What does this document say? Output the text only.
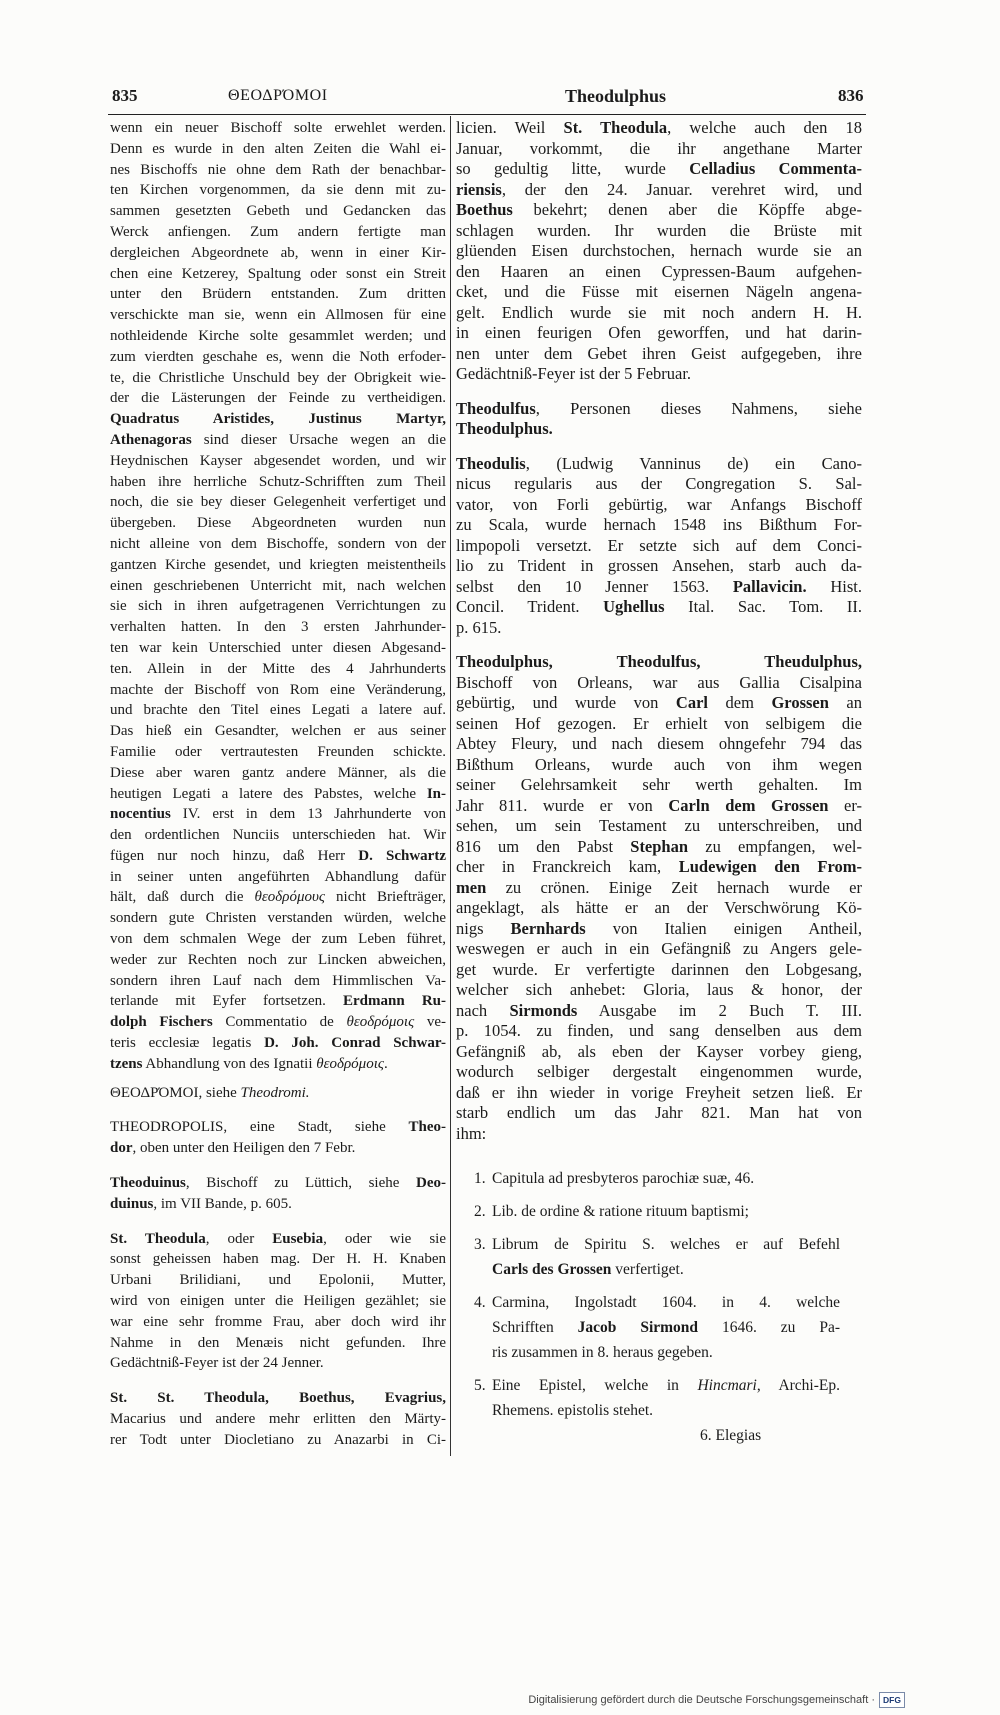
835	ΘΕΟΔΡΌΜΟΙ	Theodulphus	836
wenn ein neuer Bischoff solte erwehlet werden.
Denn es wurde in den alten Zeiten die Wahl ei-
nes Bischoffs nie ohne dem Rath der benachbar-
ten Kirchen vorgenommen, da sie denn mit zu-
sammen gesetzten Gebeth und Gedancken das
Werck anfiengen. Zum andern fertigte man
dergleichen Abgeordnete ab, wenn in einer Kir-
chen eine Ketzerey, Spaltung oder sonst ein Streit
unter den Brüdern entstanden. Zum dritten
verschickte man sie, wenn ein Allmosen für eine
nothleidende Kirche solte gesammlet werden; und
zum vierdten geschahe es, wenn die Noth erfoder-
te, die Christliche Unschuld bey der Obrigkeit wie-
der die Lästerungen der Feinde zu vertheidigen.
Quadratus Aristides, Justinus Martyr,
Athenagoras sind dieser Ursache wegen an die
Heydnischen Kayser abgesendet worden, und wir
haben ihre herrliche Schutz-Schrifften zum Theil
noch, die sie bey dieser Gelegenheit verfertiget und
übergeben. Diese Abgeordneten wurden nun
nicht alleine von dem Bischoffe, sondern von der
gantzen Kirche gesendet, und kriegten meistentheils
einen geschriebenen Unterricht mit, nach welchen
sie sich in ihren aufgetragenen Verrichtungen zu
verhalten hatten. In den 3 ersten Jahrhunder-
ten war kein Unterschied unter diesen Abgesand-
ten. Allein in der Mitte des 4 Jahrhunderts
machte der Bischoff von Rom eine Veränderung,
und brachte den Titel eines Legati a latere auf.
Das hieß ein Gesandter, welchen er aus seiner
Familie oder vertrautesten Freunden schickte.
Diese aber waren gantz andere Männer, als die
heutigen Legati a latere des Pabstes, welche In-
nocentius IV. erst in dem 13 Jahrhunderte von
den ordentlichen Nunciis unterschieden hat. Wir
fügen nur noch hinzu, daß Herr D. Schwartz
in seiner unten angeführten Abhandlung dafür
hält, daß durch die θεοδρόμους nicht Briefträger,
sondern gute Christen verstanden würden, welche
von dem schmalen Wege der zum Leben führet,
weder zur Rechten noch zur Lincken abweichen,
sondern ihren Lauf nach dem Himmlischen Va-
terlande mit Eyfer fortsetzen. Erdmann Ru-
dolph Fischers Commentatio de θεοδρόμοις ve-
teris ecclesiæ legatis D. Joh. Conrad Schwar-
tzens Abhandlung von des Ignatii θεοδρόμοις.
ΘΕΟΔΡΌΜΟΙ, siehe Theodromi.
THEODROPOLIS, eine Stadt, siehe Theo-
dor, oben unter den Heiligen den 7 Febr.
Theoduinus, Bischoff zu Lüttich, siehe Deo-
duinus, im VII Bande, p. 605.
St. Theodula, oder Eusebia, oder wie sie
sonst geheissen haben mag. Der H. H. Knaben
Urbani Brilidiani, und Epolonii, Mutter,
wird von einigen unter die Heiligen gezählet; sie
war eine sehr fromme Frau, aber doch wird ihr
Nahme in den Menæis nicht gefunden. Ihre
Gedächtniß-Feyer ist der 24 Jenner.
St. St. Theodula, Boethus, Evagrius,
Macarius und andere mehr erlitten den Märty-
rer Todt unter Diocletiano zu Anazarbi in Ci-
licien. Weil St. Theodula, welche auch den 18
Januar, vorkommt, die ihr angethane Marter
so gedultig litte, wurde Celladius Commenta-
riensis, der den 24. Januar. verehret wird, und
Boethus bekehrt; denen aber die Köpffe abge-
schlagen wurden. Ihr wurden die Brüste mit
glüenden Eisen durchstochen, hernach wurde sie an
den Haaren an einen Cypressen-Baum aufgehen-
cket, und die Füsse mit eisernen Nägeln angena-
gelt. Endlich wurde sie mit noch andern H. H.
in einen feurigen Ofen geworffen, und hat darin-
nen unter dem Gebet ihren Geist aufgegeben, ihre
Gedächtniß-Feyer ist der 5 Februar.
Theodulfus, Personen dieses Nahmens, siehe
Theodulphus.
Theodulis, (Ludwig Vanninus de) ein Cano-
nicus regularis aus der Congregation S. Sal-
vator, von Forli gebürtig, war Anfangs Bischoff
zu Scala, wurde hernach 1548 ins Bißthum For-
limpopoli versetzt. Er setzte sich auf dem Conci-
lio zu Trident in grossen Ansehen, starb auch da-
selbst den 10 Jenner 1563. Pallavicin. Hist.
Concil. Trident. Ughellus Ital. Sac. Tom. II.
p. 615.
Theodulphus, Theodulfus, Theudulphus,
Bischoff von Orleans, war aus Gallia Cisalpina
gebürtig, und wurde von Carl dem Grossen an
seinen Hof gezogen. Er erhielt von selbigem die
Abtey Fleury, und nach diesem ohngefehr 794 das
Bißthum Orleans, wurde auch von ihm wegen
seiner Gelehrsamkeit sehr werth gehalten. Im
Jahr 811. wurde er von Carln dem Grossen er-
sehen, um sein Testament zu unterschreiben, und
816 um den Pabst Stephan zu empfangen, wel-
cher in Franckreich kam, Ludewigen den From-
men zu crönen. Einige Zeit hernach wurde er
angeklagt, als hätte er an der Verschwörung Kö-
nigs Bernhards von Italien einigen Antheil,
weswegen er auch in ein Gefängniß zu Angers gele-
get wurde. Er verfertigte darinnen den Lobgesang,
welcher sich anhebet: Gloria, laus & honor, der
nach Sirmonds Ausgabe im 2 Buch T. III.
p. 1054. zu finden, und sang denselben aus dem
Gefängniß ab, als eben der Kayser vorbey gieng,
wodurch selbiger dergestalt eingenommen wurde,
daß er ihn wieder in vorige Freyheit setzen ließ. Er
starb endlich um das Jahr 821. Man hat von
ihm:
1. Capitula ad presbyteros parochiæ suæ, 46.
2. Lib. de ordine & ratione rituum baptismi;
3. Librum de Spiritu S. welches er auf Befehl
Carls des Grossen verfertiget.
4. Carmina, Ingolstadt 1604. in 4. welche
Schrifften Jacob Sirmond 1646. zu Pa-
ris zusammen in 8. heraus gegeben.
5. Eine Epistel, welche in Hincmari, Archi-Ep.
Rhemens. epistolis stehet.
6. Elegias
Digitalisierung gefördert durch die Deutsche Forschungsgemeinschaft · DFG
